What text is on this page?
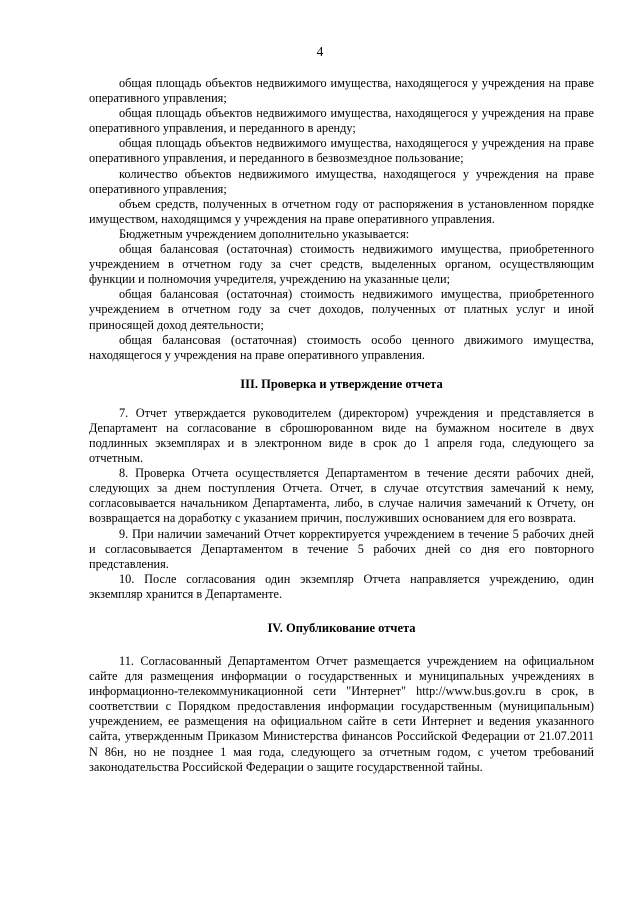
4

общая площадь объектов недвижимого имущества, находящегося у учреждения на праве оперативного управления;

общая площадь объектов недвижимого имущества, находящегося у учреждения на праве оперативного управления, и переданного в аренду;

общая площадь объектов недвижимого имущества, находящегося у учреждения на праве оперативного управления, и переданного в безвозмездное пользование;

количество объектов недвижимого имущества, находящегося у учреждения на праве оперативного управления;

объем средств, полученных в отчетном году от распоряжения в установленном порядке имуществом, находящимся у учреждения на праве оперативного управления.

Бюджетным учреждением дополнительно указывается:

общая балансовая (остаточная) стоимость недвижимого имущества, приобретенного учреждением в отчетном году за счет средств, выделенных органом, осуществляющим функции и полномочия учредителя, учреждению на указанные цели;

общая балансовая (остаточная) стоимость недвижимого имущества, приобретенного учреждением в отчетном году за счет доходов, полученных от платных услуг и иной приносящей доход деятельности;

общая балансовая (остаточная) стоимость особо ценного движимого имущества, находящегося у учреждения на праве оперативного управления.

III. Проверка и утверждение отчета

7. Отчет утверждается руководителем (директором) учреждения и представляется в Департамент на согласование в сброшюрованном виде на бумажном носителе в двух подлинных экземплярах и в электронном виде в срок до 1 апреля года, следующего за отчетным.

8. Проверка Отчета осуществляется Департаментом в течение десяти рабочих дней, следующих за днем поступления Отчета. Отчет, в случае отсутствия замечаний к нему, согласовывается начальником Департамента, либо, в случае наличия замечаний к Отчету, он возвращается на доработку с указанием причин, послуживших основанием для его возврата.

9. При наличии замечаний Отчет корректируется учреждением в течение 5 рабочих дней и согласовывается Департаментом в течение 5 рабочих дней со дня его повторного представления.

10. После согласования один экземпляр Отчета направляется учреждению, один экземпляр хранится в Департаменте.

IV. Опубликование отчета

11. Согласованный Департаментом Отчет размещается учреждением на официальном сайте для размещения информации о государственных и муниципальных учреждениях в информационно-телекоммуникационной сети "Интернет" http://www.bus.gov.ru в срок, в соответствии с Порядком предоставления информации государственным (муниципальным) учреждением, ее размещения на официальном сайте в сети Интернет и ведения указанного сайта, утвержденным Приказом Министерства финансов Российской Федерации от 21.07.2011 N 86н, но не позднее 1 мая года, следующего за отчетным годом, с учетом требований законодательства Российской Федерации о защите государственной тайны.
